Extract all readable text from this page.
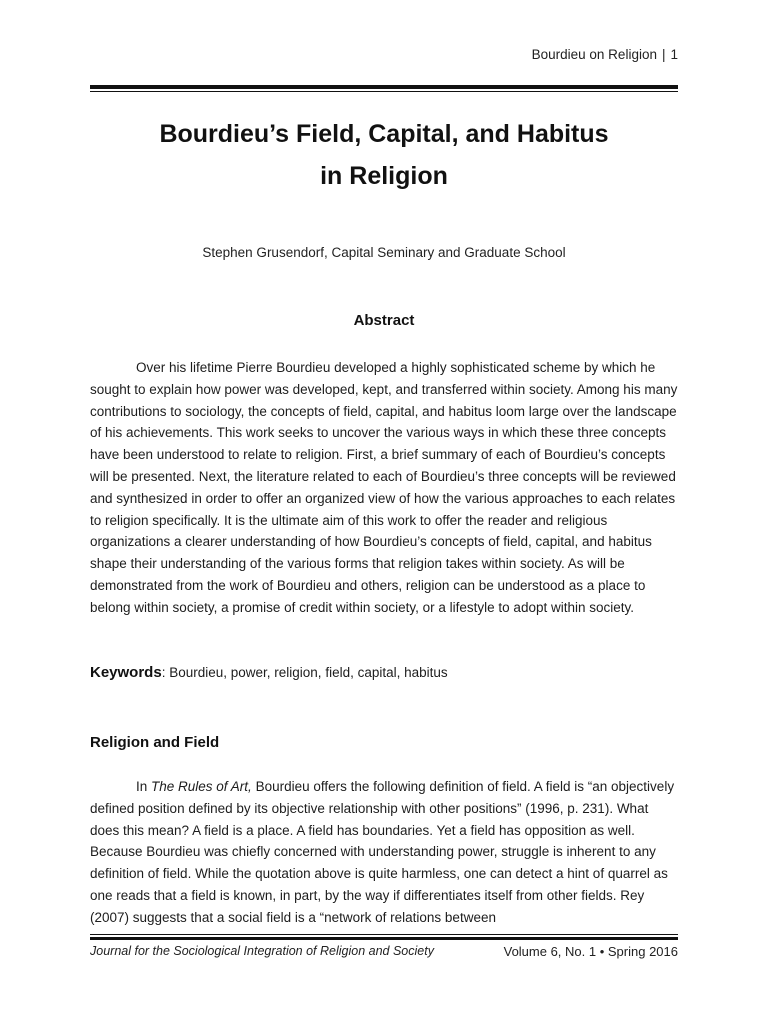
Bourdieu on Religion | 1
Bourdieu’s Field, Capital, and Habitus
in Religion
Stephen Grusendorf, Capital Seminary and Graduate School
Abstract

Over his lifetime Pierre Bourdieu developed a highly sophisticated scheme by which he sought to explain how power was developed, kept, and transferred within society. Among his many contributions to sociology, the concepts of field, capital, and habitus loom large over the landscape of his achievements. This work seeks to uncover the various ways in which these three concepts have been understood to relate to religion. First, a brief summary of each of Bourdieu’s concepts will be presented. Next, the literature related to each of Bourdieu’s three concepts will be reviewed and synthesized in order to offer an organized view of how the various approaches to each relates to religion specifically. It is the ultimate aim of this work to offer the reader and religious organizations a clearer understanding of how Bourdieu’s concepts of field, capital, and habitus shape their understanding of the various forms that religion takes within society. As will be demonstrated from the work of Bourdieu and others, religion can be understood as a place to belong within society, a promise of credit within society, or a lifestyle to adopt within society.

Keywords: Bourdieu, power, religion, field, capital, habitus
Religion and Field

In The Rules of Art, Bourdieu offers the following definition of field. A field is “an objectively defined position defined by its objective relationship with other positions” (1996, p. 231). What does this mean? A field is a place. A field has boundaries. Yet a field has opposition as well. Because Bourdieu was chiefly concerned with understanding power, struggle is inherent to any definition of field. While the quotation above is quite harmless, one can detect a hint of quarrel as one reads that a field is known, in part, by the way if differentiates itself from other fields. Rey (2007) suggests that a social field is a “network of relations between

Journal for the Sociological Integration of Religion and Society	Volume 6, No. 1 • Spring 2016
